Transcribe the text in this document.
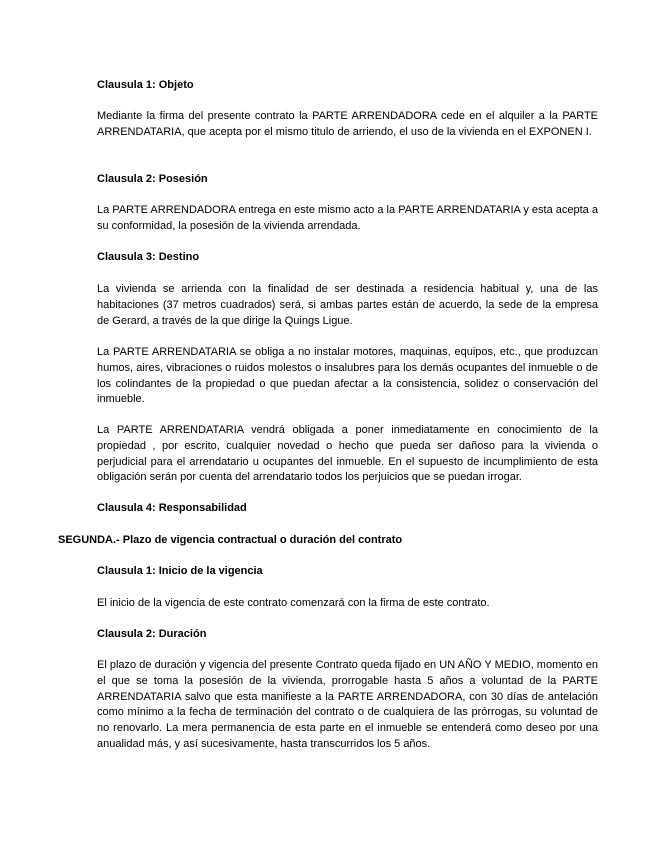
Clausula 1: Objeto

Mediante la firma del presente contrato la PARTE ARRENDADORA cede en el alquiler a la PARTE ARRENDATARIA, que acepta por el mismo titulo de arriendo, el uso de la vivienda en el EXPONEN I.

Clausula 2: Posesión

La PARTE ARRENDADORA entrega en este mismo acto a la PARTE ARRENDATARIA y esta acepta a su conformidad, la posesión de la vivienda arrendada.

Clausula 3: Destino

La vivienda se arrienda con la finalidad de ser destinada a residencia habitual y, una de las habitaciones (37 metros cuadrados) será, si ambas partes están de acuerdo, la sede de la empresa de Gerard, a través de la que dirige la Quings Ligue.

La PARTE ARRENDATARIA se obliga a no instalar motores, maquinas, equipos, etc., que produzcan humos, aires, vibraciones o ruidos molestos o insalubres para los demás ocupantes del inmueble o de los colindantes de la propiedad o que puedan afectar a la consistencia, solidez o conservación del inmueble.

La PARTE ARRENDATARIA vendrá obligada a poner inmediatamente en conocimiento de la propiedad , por escrito, cualquier novedad o hecho que pueda ser dañoso para la vivienda o perjudicial para el arrendatario u ocupantes del inmueble. En el supuesto de incumplimiento de esta obligación serán por cuenta del arrendatario todos los perjuicios que se puedan irrogar.

Clausula 4: Responsabilidad
SEGUNDA.- Plazo de vigencia contractual o duración del contrato
Clausula 1: Inicio de la vigencia

El inicio de la vigencia de este contrato comenzará con la firma de este contrato.

Clausula 2: Duración

El plazo de duración y vigencia del presente Contrato queda fijado en UN AÑO Y MEDIO, momento en el que se toma la posesión de la vivienda, prorrogable hasta 5 años a voluntad de la PARTE ARRENDATARIA salvo que esta manifieste a la PARTE ARRENDADORA, con 30 días de antelación como mínimo a la fecha de terminación del contrato o de cualquiera de las prórrogas, su voluntad de no renovarlo. La mera permanencia de esta parte en el inmueble se entenderá como deseo por una anualidad más, y así sucesivamente, hasta transcurridos los 5 años.
